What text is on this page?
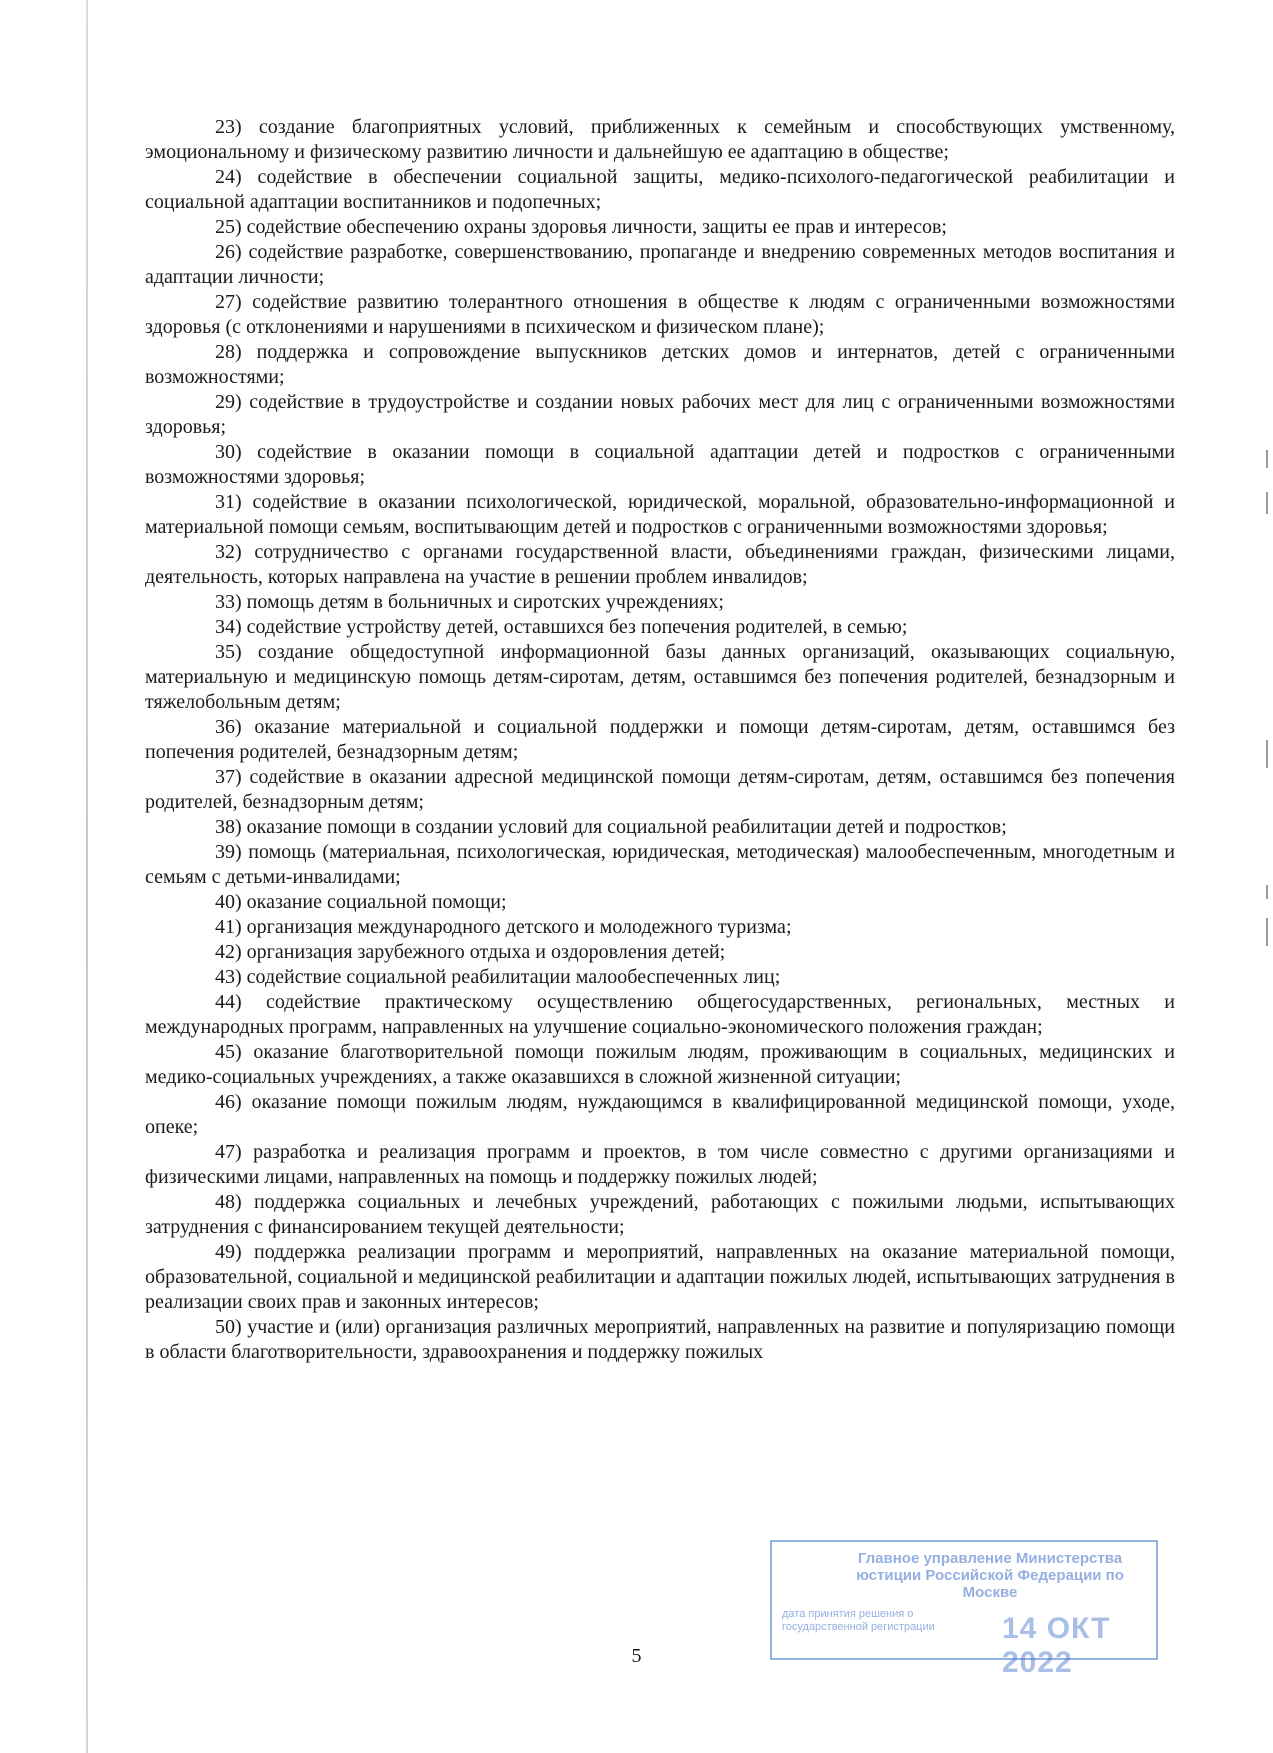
23) создание благоприятных условий, приближенных к семейным и способствующих умственному, эмоциональному и физическому развитию личности и дальнейшую ее адаптацию в обществе;

24) содействие в обеспечении социальной защиты, медико-психолого-педагогической реабилитации и социальной адаптации воспитанников и подопечных;

25) содействие обеспечению охраны здоровья личности, защиты ее прав и интересов;

26) содействие разработке, совершенствованию, пропаганде и внедрению современных методов воспитания и адаптации личности;

27) содействие развитию толерантного отношения в обществе к людям с ограниченными возможностями здоровья (с отклонениями и нарушениями в психическом и физическом плане);

28) поддержка и сопровождение выпускников детских домов и интернатов, детей с ограниченными возможностями;

29) содействие в трудоустройстве и создании новых рабочих мест для лиц с ограниченными возможностями здоровья;

30) содействие в оказании помощи в социальной адаптации детей и подростков с ограниченными возможностями здоровья;

31) содействие в оказании психологической, юридической, моральной, образовательно-информационной и материальной помощи семьям, воспитывающим детей и подростков с ограниченными возможностями здоровья;

32) сотрудничество с органами государственной власти, объединениями граждан, физическими лицами, деятельность, которых направлена на участие в решении проблем инвалидов;

33) помощь детям в больничных и сиротских учреждениях;

34) содействие устройству детей, оставшихся без попечения родителей, в семью;

35) создание общедоступной информационной базы данных организаций, оказывающих социальную, материальную и медицинскую помощь детям-сиротам, детям, оставшимся без попечения родителей, безнадзорным и тяжелобольным детям;

36) оказание материальной и социальной поддержки и помощи детям-сиротам, детям, оставшимся без попечения родителей, безнадзорным детям;

37) содействие в оказании адресной медицинской помощи детям-сиротам, детям, оставшимся без попечения родителей, безнадзорным детям;

38) оказание помощи в создании условий для социальной реабилитации детей и подростков;

39) помощь (материальная, психологическая, юридическая, методическая) малообеспеченным, многодетным и семьям с детьми-инвалидами;

40) оказание социальной помощи;

41) организация международного детского и молодежного туризма;

42) организация зарубежного отдыха и оздоровления детей;

43) содействие социальной реабилитации малообеспеченных лиц;

44) содействие практическому осуществлению общегосударственных, региональных, местных и международных программ, направленных на улучшение социально-экономического положения граждан;

45) оказание благотворительной помощи пожилым людям, проживающим в социальных, медицинских и медико-социальных учреждениях, а также оказавшихся в сложной жизненной ситуации;

46) оказание помощи пожилым людям, нуждающимся в квалифицированной медицинской помощи, уходе, опеке;

47) разработка и реализация программ и проектов, в том числе совместно с другими организациями и физическими лицами, направленных на помощь и поддержку пожилых людей;

48) поддержка социальных и лечебных учреждений, работающих с пожилыми людьми, испытывающих затруднения с финансированием текущей деятельности;

49) поддержка реализации программ и мероприятий, направленных на оказание материальной помощи, образовательной, социальной и медицинской реабилитации и адаптации пожилых людей, испытывающих затруднения в реализации своих прав и законных интересов;

50) участие и (или) организация различных мероприятий, направленных на развитие и популяризацию помощи в области благотворительности, здравоохранения и поддержку пожилых

5
Главное управление Министерства юстиции Российской Федерации по Москве
дата принятия решения о государственной регистрации 14 ОКТ 2022
